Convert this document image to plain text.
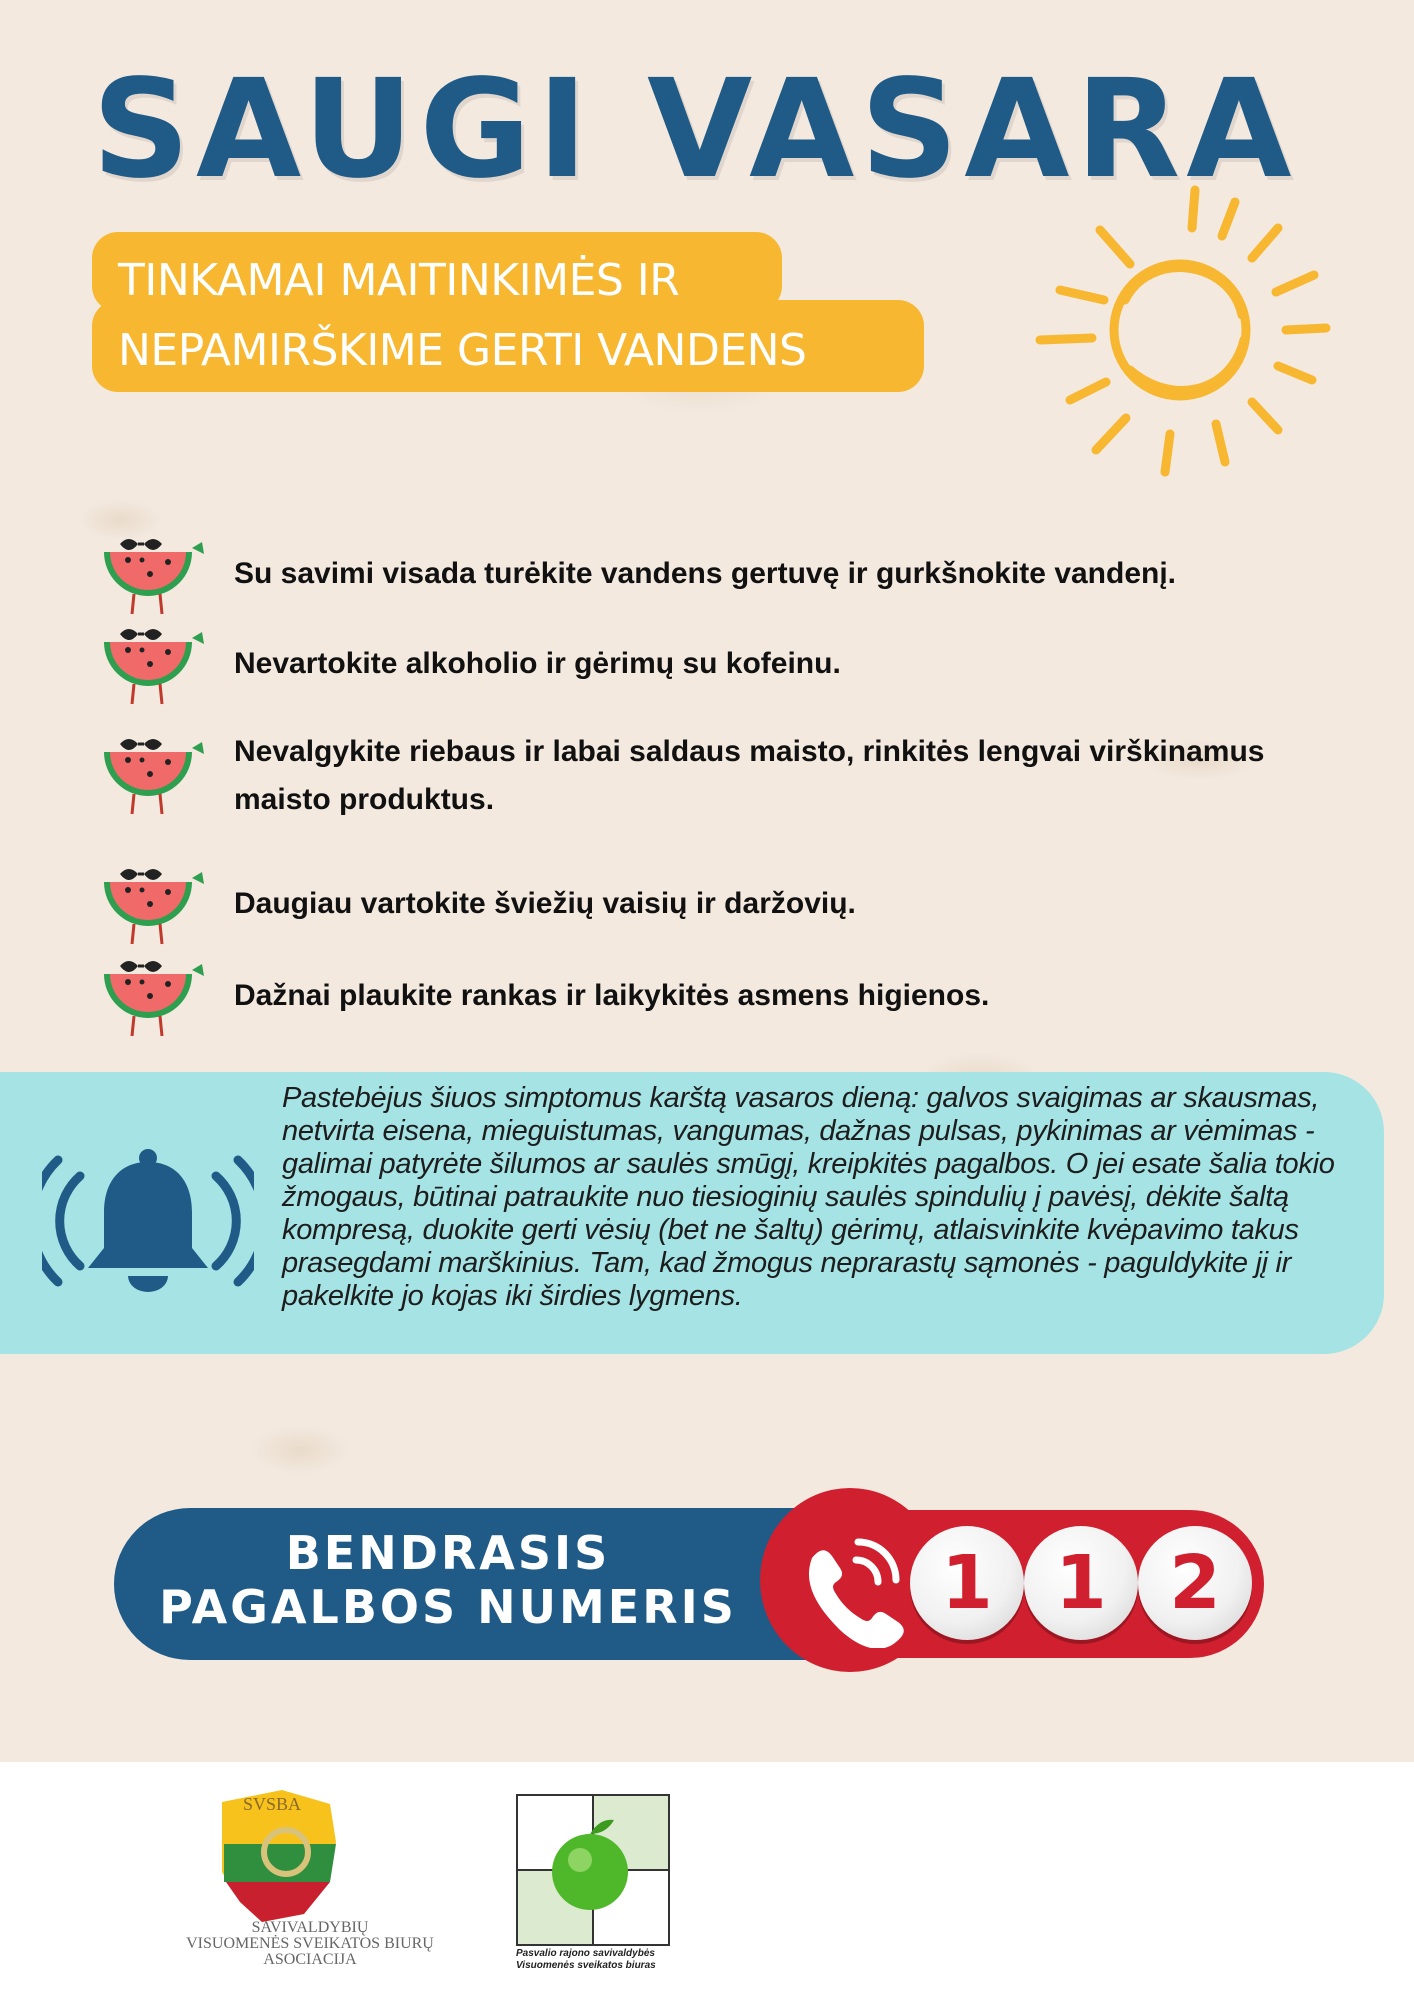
SAUGI VASARA
TINKAMAI MAITINKIMĖS IR
NEPAMIRŠKIME GERTI VANDENS

Su savimi visada turėkite vandens gertuvę ir gurkšnokite vandenį.

Nevartokite alkoholio ir gėrimų su kofeinu.

Nevalgykite riebaus ir labai saldaus maisto, rinkitės lengvai virškinamus maisto produktus.

Daugiau vartokite šviežių vaisių ir daržovių.

Dažnai plaukite rankas ir laikykitės asmens higienos.

Pastebėjus šiuos simptomus karštą vasaros dieną: galvos svaigimas ar skausmas, netvirta eisena, mieguistumas, vangumas, dažnas pulsas, pykinimas ar vėmimas - galimai patyrėte šilumos ar saulės smūgį, kreipkitės pagalbos. O jei esate šalia tokio žmogaus, būtinai patraukite nuo tiesioginių saulės spindulių į pavėsį, dėkite šaltą kompresą, duokite gerti vėsių (bet ne šaltų) gėrimų, atlaisvinkite kvėpavimo takus prasegdami marškinius. Tam, kad žmogus neprarastų sąmonės - paguldykite jį ir pakelkite jo kojas iki širdies lygmens.

BENDRASIS
PAGALBOS NUMERIS	1 1 2
SVSBA

SAVIVALDYBIŲ
VISUOMENĖS SVEIKATOS BIURŲ
ASOCIACIJA	Pasvalio rajono savivaldybės
Visuomenės sveikatos biuras
